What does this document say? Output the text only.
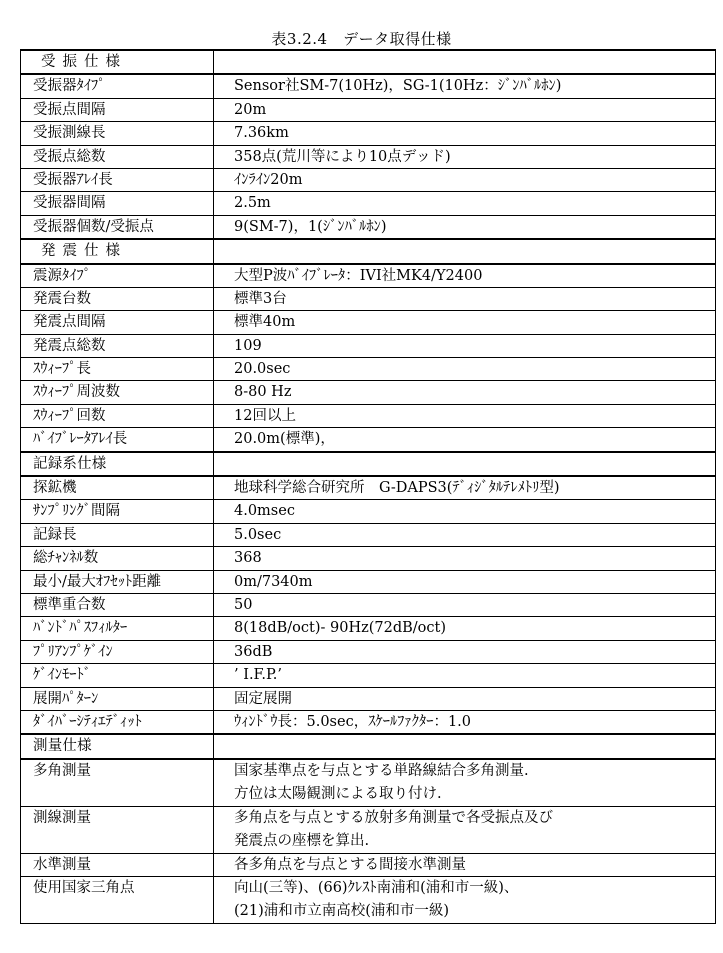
表3.2.4　データ取得仕様
受振仕様	
受振器ﾀｲﾌﾟ	Sensor社SM-7(10Hz)，SG-1(10Hz：ｼﾞﾝﾊﾞﾙﾎﾝ)
受振点間隔	20m
受振測線長	7.36km
受振点総数	358点(荒川等により10点デッド)
受振器ｱﾚｲ長	ｲﾝﾗｲﾝ20m
受振器間隔	2.5m
受振器個数/受振点	9(SM-7)，1(ｼﾞﾝﾊﾞﾙﾎﾝ)
発震仕様	
震源ﾀｲﾌﾟ	大型P波ﾊﾞｲﾌﾞﾚｰﾀ：IVI社MK4/Y2400
発震台数	標準3台
発震点間隔	標準40m
発震点総数	109
ｽｳｨｰﾌﾟ長	20.0sec
ｽｳｨｰﾌﾟ周波数	8-80 Hz
ｽｳｨｰﾌﾟ回数	12回以上
ﾊﾞｲﾌﾞﾚｰﾀｱﾚｲ長	20.0m(標準)，
記録系仕様	
探鉱機	地球科学総合研究所　G-DAPS3(ﾃﾞｨｼﾞﾀﾙﾃﾚﾒﾄﾘ型)
ｻﾝﾌﾟﾘﾝｸﾞ間隔	4.0msec
記録長	5.0sec
総ﾁｬﾝﾈﾙ数	368
最小/最大ｵﾌｾｯﾄ距離	0m/7340m
標準重合数	50
ﾊﾞﾝﾄﾞﾊﾟｽﾌｨﾙﾀｰ	8(18dB/oct)- 90Hz(72dB/oct)
ﾌﾟﾘｱﾝﾌﾟｹﾞｲﾝ	36dB
ｹﾞｲﾝﾓｰﾄﾞ	’ I.F.P.’
展開ﾊﾟﾀｰﾝ	固定展開
ﾀﾞｲﾊﾞｰｼﾃｨｴﾃﾞｨｯﾄ	ｳｨﾝﾄﾞｳ長：5.0sec，ｽｹｰﾙﾌｧｸﾀｰ：1.0
測量仕様	
多角測量	国家基準点を与点とする単路線結合多角測量.
方位は太陽観測による取り付け.

測線測量	多角点を与点とする放射多角測量で各受振点及び
発震点の座標を算出.

水準測量	各多角点を与点とする間接水準測量
使用国家三角点	向山(三等)、(66)ｸﾚｽﾄ南浦和(浦和市一級)、
(21)浦和市立南高校(浦和市一級)
